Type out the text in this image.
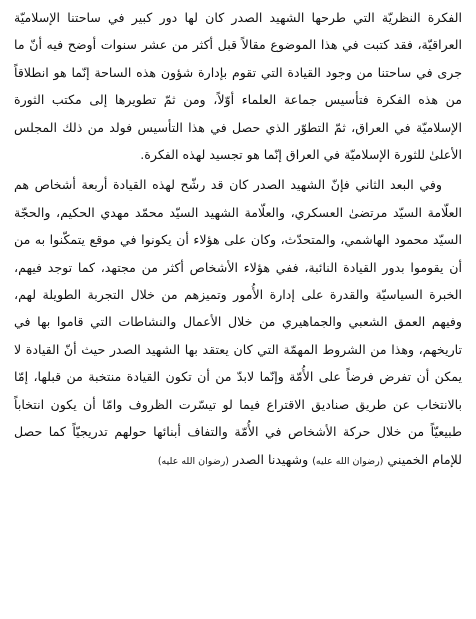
الفكرة النظريّة التي طرحها الشهيد الصدر كان لها دور كبير في ساحتنا الإسلاميّة العراقيّة، فقد كتبت في هذا الموضوع مقالاً قبل أكثر من عشر سنوات أوضح فيه أنّ ما جرى في ساحتنا من وجود القيادة التي تقوم بإدارة شؤون هذه الساحة إنّما هو انطلاقاً من هذه الفكرة فتأسيس جماعة العلماء أوّلاً، ومن ثمّ تطويرها إلى مكتب الثورة الإسلاميّة في العراق، ثمّ التطوّر الذي حصل في هذا التأسيس فولد من ذلك المجلس الأعلىٰ للثورة الإسلاميّة في العراق إنّما هو تجسيد لهذه الفكرة.

وفي البعد الثاني فإنّ الشهيد الصدر كان قد رشّح لهذه القيادة أربعة أشخاص هم العلّامة السيّد مرتضىٰ العسكري، والعلّامة الشهيد السيّد محمّد مهدي الحكيم، والحجّة السيّد محمود الهاشمي، والمتحدّث، وكان على هؤلاء أن يكونوا في موقع يتمكّنوا به من أن يقوموا بدور القيادة النائبة، ففي هؤلاء الأشخاص أكثر من مجتهد، كما توجد فيهم، الخبرة السياسيّة والقدرة على إدارة الأُمور وتميزهم من خلال التجربة الطويلة لهم، وفيهم العمق الشعبي والجماهيري من خلال الأعمال والنشاطات التي قاموا بها في تاريخهم، وهذا من الشروط المهمّة التي كان يعتقد بها الشهيد الصدر حيث أنّ القيادة لا يمكن أن تفرض فرضاً على الأُمّة وإنّما لابدّ من أن تكون القيادة منتخبة من قبلها، إمّا بالانتخاب عن طريق صناديق الاقتراع فيما لو تيسّرت الظروف وامّا أن يكون انتخاباً طبيعيّاً من خلال حركة الأشخاص في الأُمّة والتفاف أبنائها حولهم تدريجيّاً كما حصل للإمام الخميني (رضوان الله عليه) وشهيدنا الصدر (رضوان الله عليه)
